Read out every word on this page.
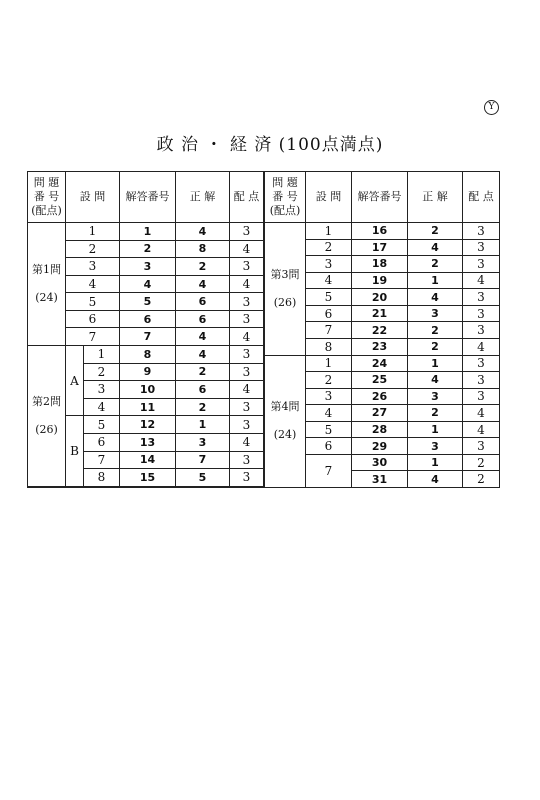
Y
政 治 ・ 経 済 (100点満点)
問 題
番 号
(配点)	設 問		解答番号	正 解	配 点

第1問
(24)	1		1	4	3
	2		2	8	4
	3		3	2	3
	4		4	4	4
	5		5	6	3
	6		6	6	3
	7		7	4	4

第2問
(26)	A	1	8	4	3
		2	9	2	3
		3	10	6	4
		4	11	2	3
	B	5	12	1	3
		6	13	3	4
		7	14	7	3
		8	15	5	3

問 題
番 号
(配点)	設 問	解答番号	正 解	配 点

第3問
(26)	1	16	2	3
	2	17	4	3
	3	18	2	3
	4	19	1	4
	5	20	4	3
	6	21	3	3
	7	22	2	3
	8	23	2	4

第4問
(24)	1	24	1	3
	2	25	4	3
	3	26	3	3
	4	27	2	4
	5	28	1	4
	6	29	3	3
	7	30	1	2
		31	4	2
